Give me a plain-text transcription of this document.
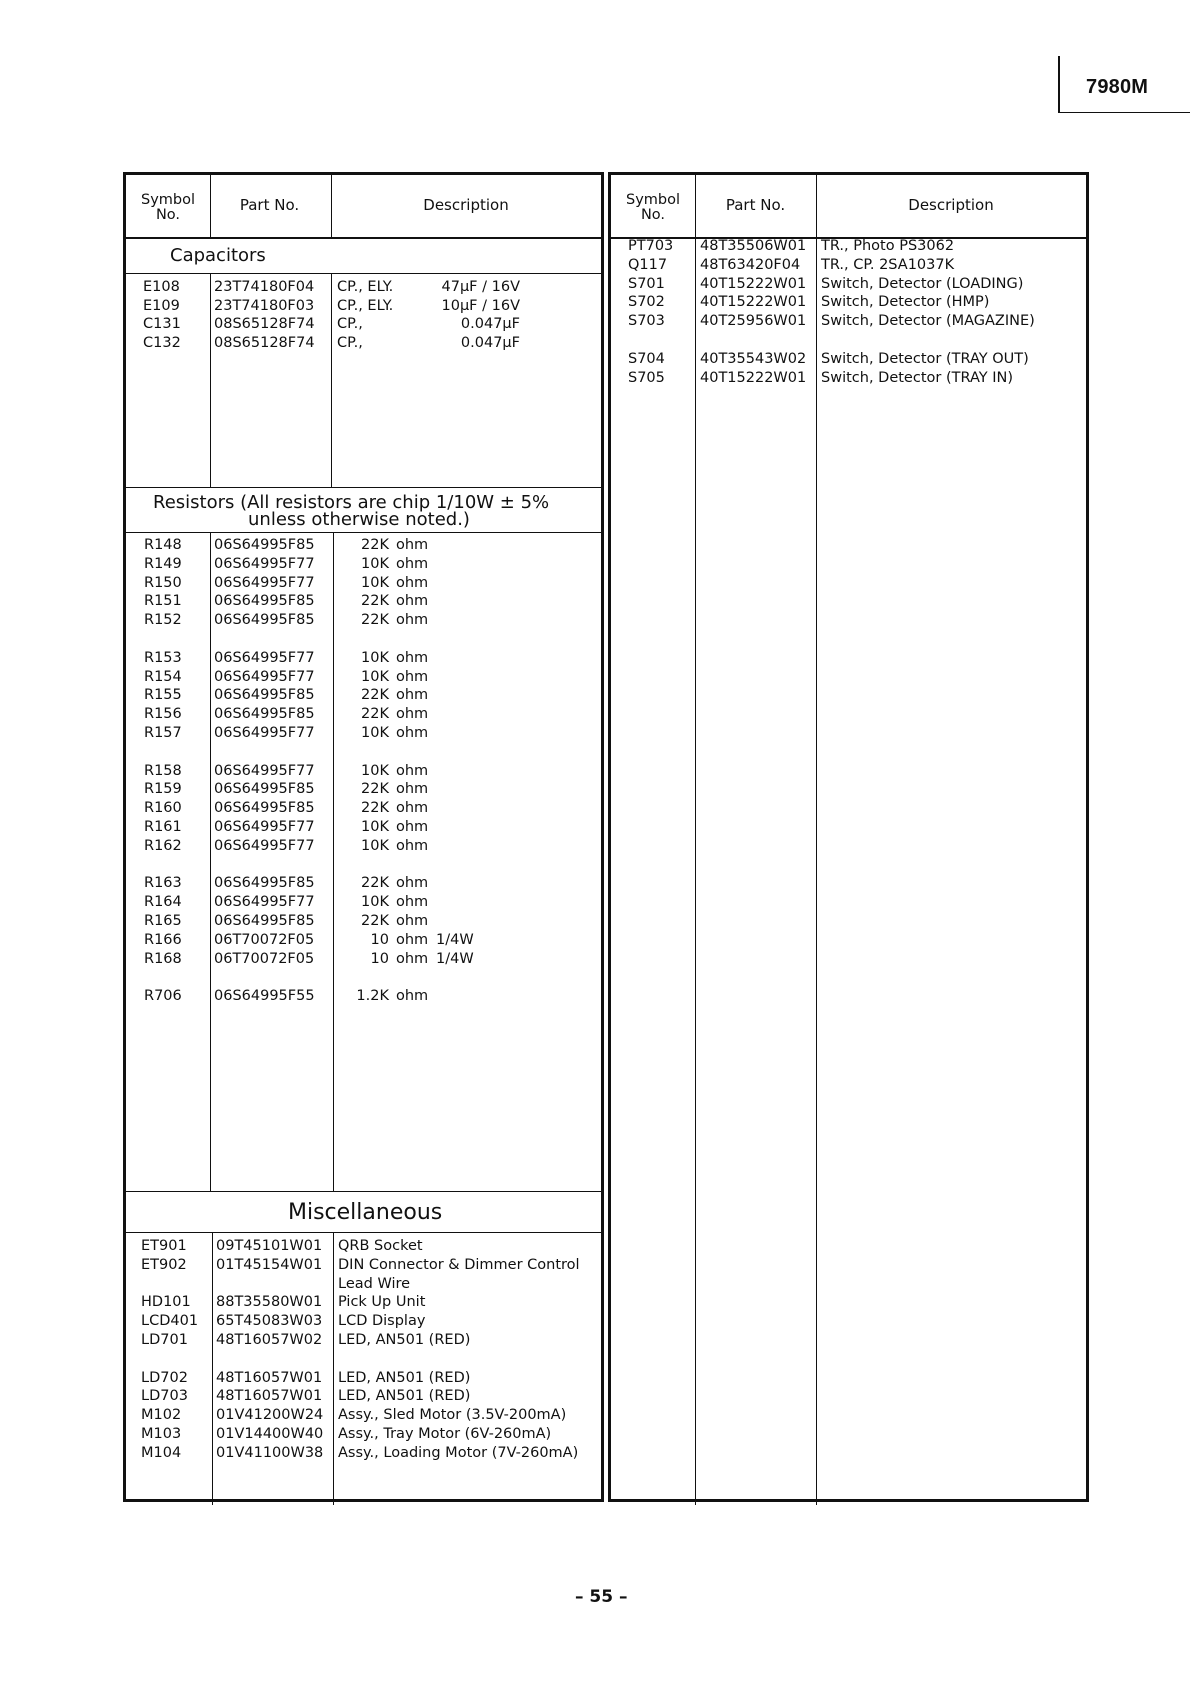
7980M
Symbol
No.
Part No.	Description
Capacitors
E108 23T74180F04 CP., ELY.	47μF / 16V
E109 23T74180F03 CP., ELY.	10μF / 16V
C131 08S65128F74 CP.,	0.047μF
C132 08S65128F74 CP.,	0.047μF
Resistors (All resistors are chip 1/10W ± 5%
unless otherwise noted.)
R148 06S64995F85	22K ohm
R149 06S64995F77	10K ohm
R150 06S64995F77	10K ohm
R151 06S64995F85	22K ohm
R152 06S64995F85	22K ohm
R153 06S64995F77	10K ohm
R154 06S64995F77	10K ohm
R155 06S64995F85	22K ohm
R156 06S64995F85	22K ohm
R157 06S64995F77	10K ohm
R158 06S64995F77	10K ohm
R159 06S64995F85	22K ohm
R160 06S64995F85	22K ohm
R161 06S64995F77	10K ohm
R162 06S64995F77	10K ohm
R163 06S64995F85	22K ohm
R164 06S64995F77	10K ohm
R165 06S64995F85	22K ohm
R166 06T70072F05	10 ohm 1/4W
R168 06T70072F05	10 ohm 1/4W
R706 06S64995F55	1.2K ohm
Miscellaneous
ET901 09T45101W01 QRB Socket
ET902 01T45154W01 DIN Connector & Dimmer Control
Lead Wire
HD101 88T35580W01 Pick Up Unit
LCD401 65T45083W03 LCD Display
LD701 48T16057W02 LED, AN501 (RED)
LD702 48T16057W01 LED, AN501 (RED)
LD703 48T16057W01 LED, AN501 (RED)
M102 01V41200W24 Assy., Sled Motor (3.5V-200mA)
M103 01V14400W40 Assy., Tray Motor (6V-260mA)
M104 01V41100W38 Assy., Loading Motor (7V-260mA)
Symbol
No.
Part No.	Description
PT703 48T35506W01 TR., Photo PS3062
Q117 48T63420F04 TR., CP. 2SA1037K
S701 40T15222W01 Switch, Detector (LOADING)
S702 40T15222W01 Switch, Detector (HMP)
S703 40T25956W01 Switch, Detector (MAGAZINE)
S704 40T35543W02 Switch, Detector (TRAY OUT)
S705 40T15222W01 Switch, Detector (TRAY IN)
– 55 –
